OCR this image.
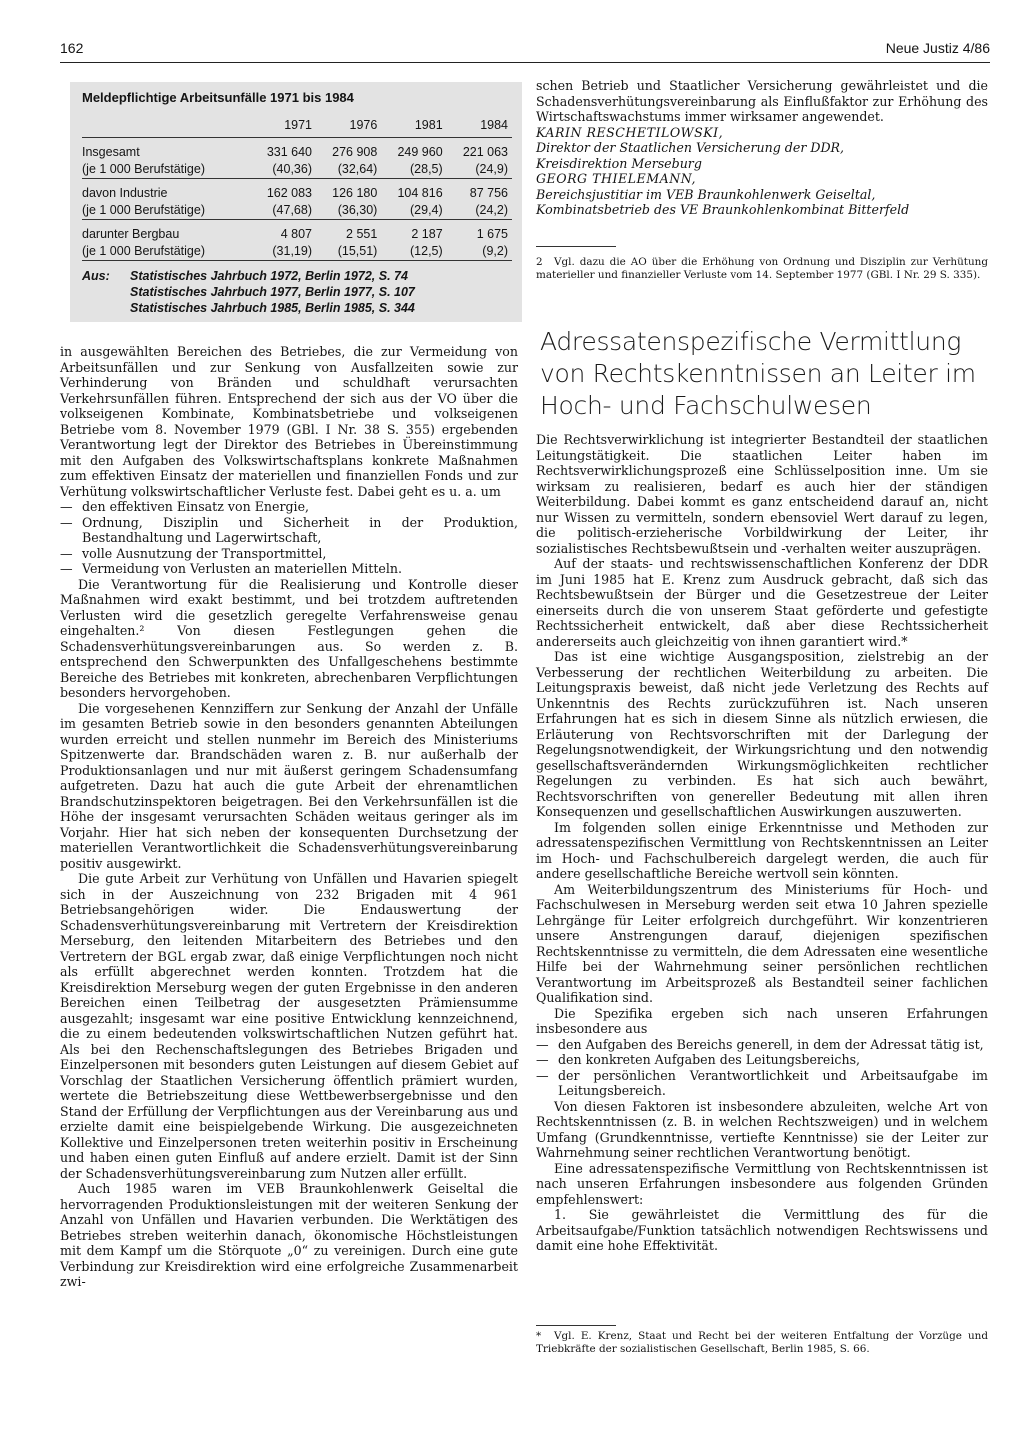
162	Neue Justiz 4/86
Meldepflichtige Arbeitsunfälle 1971 bis 1984
	1971	1976	1981	1984
Insgesamt	331 640	276 908	249 960	221 063
(je 1 000 Berufstätige)	(40,36)	(32,64)	(28,5)	(24,9)
davon Industrie	162 083	126 180	104 816	87 756
(je 1 000 Berufstätige)	(47,68)	(36,30)	(29,4)	(24,2)
darunter Bergbau	4 807	2 551	2 187	1 675
(je 1 000 Berufstätige)	(31,19)	(15,51)	(12,5)	(9,2)
Aus: Statistisches Jahrbuch 1972, Berlin 1972, S. 74
Statistisches Jahrbuch 1977, Berlin 1977, S. 107
Statistisches Jahrbuch 1985, Berlin 1985, S. 344

in ausgewählten Bereichen des Betriebes, die zur Vermeidung von Arbeitsunfällen und zur Senkung von Ausfallzeiten sowie zur Verhinderung von Bränden und schuldhaft verursachten Verkehrsunfällen führen. Entsprechend der sich aus der VO über die volkseigenen Kombinate, Kombinatsbetriebe und volkseigenen Betriebe vom 8. November 1979 (GBl. I Nr. 38 S. 355) ergebenden Verantwortung legt der Direktor des Betriebes in Übereinstimmung mit den Aufgaben des Volkswirtschaftsplans konkrete Maßnahmen zum effektiven Einsatz der materiellen und finanziellen Fonds und zur Verhütung volkswirtschaftlicher Verluste fest. Dabei geht es u. a. um

— den effektiven Einsatz von Energie,
— Ordnung, Disziplin und Sicherheit in der Produktion, Bestandhaltung und Lagerwirtschaft,
— volle Ausnutzung der Transportmittel,
— Vermeidung von Verlusten an materiellen Mitteln.

Die Verantwortung für die Realisierung und Kontrolle dieser Maßnahmen wird exakt bestimmt, und bei trotzdem auftretenden Verlusten wird die gesetzlich geregelte Verfahrensweise genau eingehalten.² Von diesen Festlegungen gehen die Schadensverhütungsvereinbarungen aus. So werden z. B. entsprechend den Schwerpunkten des Unfallgeschehens bestimmte Bereiche des Betriebes mit konkreten, abrechenbaren Verpflichtungen besonders hervorgehoben.

Die vorgesehenen Kennziffern zur Senkung der Anzahl der Unfälle im gesamten Betrieb sowie in den besonders genannten Abteilungen wurden erreicht und stellen nunmehr im Bereich des Ministeriums Spitzenwerte dar. Brandschäden waren z. B. nur außerhalb der Produktionsanlagen und nur mit äußerst geringem Schadensumfang aufgetreten. Dazu hat auch die gute Arbeit der ehrenamtlichen Brandschutzinspektoren beigetragen. Bei den Verkehrsunfällen ist die Höhe der insgesamt verursachten Schäden weitaus geringer als im Vorjahr. Hier hat sich neben der konsequenten Durchsetzung der materiellen Verantwortlichkeit die Schadensverhütungsvereinbarung positiv ausgewirkt.

Die gute Arbeit zur Verhütung von Unfällen und Havarien spiegelt sich in der Auszeichnung von 232 Brigaden mit 4 961 Betriebsangehörigen wider. Die Endauswertung der Schadensverhütungsvereinbarung mit Vertretern der Kreisdirektion Merseburg, den leitenden Mitarbeitern des Betriebes und den Vertretern der BGL ergab zwar, daß einige Verpflichtungen noch nicht als erfüllt abgerechnet werden konnten. Trotzdem hat die Kreisdirektion Merseburg wegen der guten Ergebnisse in den anderen Bereichen einen Teilbetrag der ausgesetzten Prämiensumme ausgezahlt; insgesamt war eine positive Entwicklung kennzeichnend, die zu einem bedeutenden volkswirtschaftlichen Nutzen geführt hat. Als bei den Rechenschaftslegungen des Betriebes Brigaden und Einzelpersonen mit besonders guten Leistungen auf diesem Gebiet auf Vorschlag der Staatlichen Versicherung öffentlich prämiert wurden, wertete die Betriebszeitung diese Wettbewerbsergebnisse und den Stand der Erfüllung der Verpflichtungen aus der Vereinbarung aus und erzielte damit eine beispielgebende Wirkung. Die ausgezeichneten Kollektive und Einzelpersonen treten weiterhin positiv in Erscheinung und haben einen guten Einfluß auf andere erzielt. Damit ist der Sinn der Schadensverhütungsvereinbarung zum Nutzen aller erfüllt.

Auch 1985 waren im VEB Braunkohlenwerk Geiseltal die hervorragenden Produktionsleistungen mit der weiteren Senkung der Anzahl von Unfällen und Havarien verbunden. Die Werktätigen des Betriebes streben weiterhin danach, ökonomische Höchstleistungen mit dem Kampf um die Störquote „0“ zu vereinigen. Durch eine gute Verbindung zur Kreisdirektion wird eine erfolgreiche Zusammenarbeit zwi-

schen Betrieb und Staatlicher Versicherung gewährleistet und die Schadensverhütungsvereinbarung als Einflußfaktor zur Erhöhung des Wirtschaftswachstums immer wirksamer angewendet.

KARIN RESCHETILOWSKI,

Direktor der Staatlichen Versicherung der DDR,

Kreisdirektion Merseburg

GEORG THIELEMANN,

Bereichsjustitiar im VEB Braunkohlenwerk Geiseltal,

Kombinatsbetrieb des VE Braunkohlenkombinat Bitterfeld

2 Vgl. dazu die AO über die Erhöhung von Ordnung und Disziplin zur Verhütung materieller und finanzieller Verluste vom 14. September 1977 (GBl. I Nr. 29 S. 335).
Adressatenspezifische Vermittlung von Rechtskenntnissen an Leiter im Hoch- und Fachschulwesen

Die Rechtsverwirklichung ist integrierter Bestandteil der staatlichen Leitungstätigkeit. Die staatlichen Leiter haben im Rechtsverwirklichungsprozeß eine Schlüsselposition inne. Um sie wirksam zu realisieren, bedarf es auch hier der ständigen Weiterbildung. Dabei kommt es ganz entscheidend darauf an, nicht nur Wissen zu vermitteln, sondern ebensoviel Wert darauf zu legen, die politisch-erzieherische Vorbildwirkung der Leiter, ihr sozialistisches Rechtsbewußtsein und -verhalten weiter auszuprägen.

Auf der staats- und rechtswissenschaftlichen Konferenz der DDR im Juni 1985 hat E. Krenz zum Ausdruck gebracht, daß sich das Rechtsbewußtsein der Bürger und die Gesetzestreue der Leiter einerseits durch die von unserem Staat geförderte und gefestigte Rechtssicherheit entwickelt, daß aber diese Rechtssicherheit andererseits auch gleichzeitig von ihnen garantiert wird.*

Das ist eine wichtige Ausgangsposition, zielstrebig an der Verbesserung der rechtlichen Weiterbildung zu arbeiten. Die Leitungspraxis beweist, daß nicht jede Verletzung des Rechts auf Unkenntnis des Rechts zurückzuführen ist. Nach unseren Erfahrungen hat es sich in diesem Sinne als nützlich erwiesen, die Erläuterung von Rechtsvorschriften mit der Darlegung der Regelungsnotwendigkeit, der Wirkungsrichtung und den notwendig gesellschaftsverändernden Wirkungsmöglichkeiten rechtlicher Regelungen zu verbinden. Es hat sich auch bewährt, Rechtsvorschriften von genereller Bedeutung mit allen ihren Konsequenzen und gesellschaftlichen Auswirkungen auszuwerten.

Im folgenden sollen einige Erkenntnisse und Methoden zur adressatenspezifischen Vermittlung von Rechtskenntnissen an Leiter im Hoch- und Fachschulbereich dargelegt werden, die auch für andere gesellschaftliche Bereiche wertvoll sein könnten.

Am Weiterbildungszentrum des Ministeriums für Hoch- und Fachschulwesen in Merseburg werden seit etwa 10 Jahren spezielle Lehrgänge für Leiter erfolgreich durchgeführt. Wir konzentrieren unsere Anstrengungen darauf, diejenigen spezifischen Rechtskenntnisse zu vermitteln, die dem Adressaten eine wesentliche Hilfe bei der Wahrnehmung seiner persönlichen rechtlichen Verantwortung im Arbeitsprozeß als Bestandteil seiner fachlichen Qualifikation sind.

Die Spezifika ergeben sich nach unseren Erfahrungen insbesondere aus

— den Aufgaben des Bereichs generell, in dem der Adressat tätig ist,
— den konkreten Aufgaben des Leitungsbereichs,
— der persönlichen Verantwortlichkeit und Arbeitsaufgabe im Leitungsbereich.

Von diesen Faktoren ist insbesondere abzuleiten, welche Art von Rechtskenntnissen (z. B. in welchen Rechtszweigen) und in welchem Umfang (Grundkenntnisse, vertiefte Kenntnisse) sie der Leiter zur Wahrnehmung seiner rechtlichen Verantwortung benötigt.

Eine adressatenspezifische Vermittlung von Rechtskenntnissen ist nach unseren Erfahrungen insbesondere aus folgenden Gründen empfehlenswert:

1. Sie gewährleistet die Vermittlung des für die Arbeitsaufgabe/Funktion tatsächlich notwendigen Rechtswissens und damit eine hohe Effektivität.

* Vgl. E. Krenz, Staat und Recht bei der weiteren Entfaltung der Vorzüge und Triebkräfte der sozialistischen Gesellschaft, Berlin 1985, S. 66.
